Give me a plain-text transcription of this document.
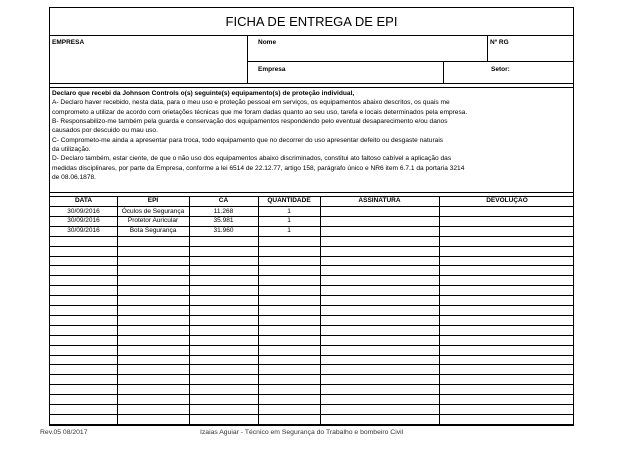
FICHA DE ENTREGA DE EPI
EMPRESA	Nome	Nº RG
Empresa	Setor:
Declaro que recebi da Johnson Controls o(s) seguinte(s) equipamento(s) de proteção individual,
A- Declaro haver recebido, nesta data, para o meu uso e proteção pessoal em serviços, os equipamentos abaixo descritos, os quais me
comprometo a utilizar de acordo com orietações técnicas que me foram dadas quanto ao seu uso, tarefa e locais determinados pela empresa.
B- Responsabilizo-me também pela guarda e conservação dos equipamentos respondendo pelo eventual desaparecimento e/ou danos
causados por descuido ou mau uso.
C- Comprometo-me ainda a apresentar para troca, todo equipamento que no decorrer do uso apresentar defeito ou desgaste naturais
da utilização.
D- Declaro também, estar ciente, de que o não uso dos equipamentos abaixo discriminados, constitui ato faltoso cabível a aplicação das
medidas disciplinares, por parte da Empresa, conforme a lei 6514 de 22.12.77, artigo 158, parágrafo único e NR6 item 6.7.1 da portaria 3214
de 08.06.1878.
DATA	EPI	CA	QUANTIDADE	ASSINATURA	DEVOLUÇÃO
30/09/2016	Óculos de Segurança	11.268	1
30/09/2016	Protetor Auricular	35.981	1
30/09/2016	Bota Segurança	31.960	1
Rev.05 08/2017	Izaias Aguiar - Técnico em Segurança do Trabalho e bombeiro Civil
